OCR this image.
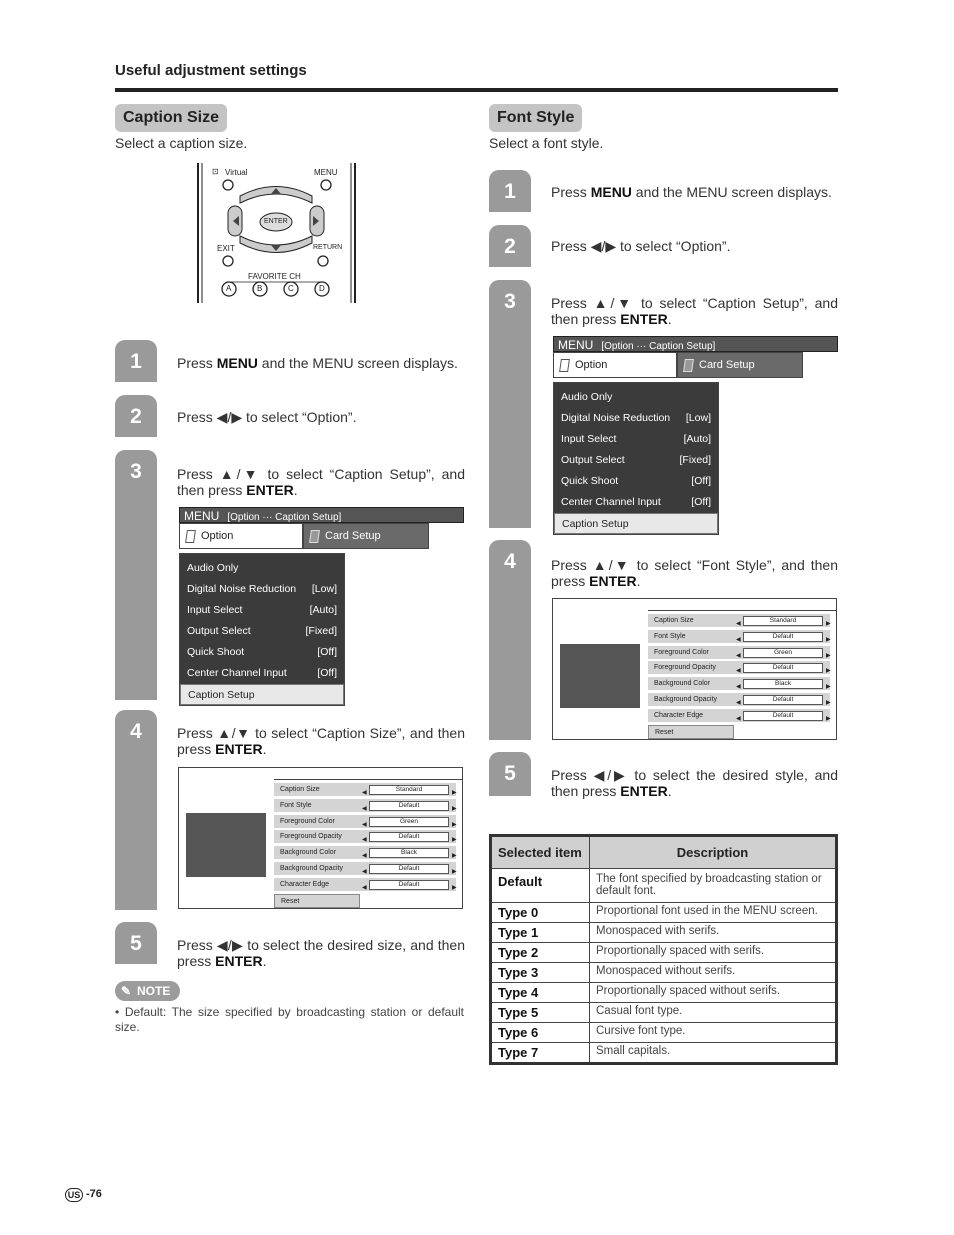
Useful adjustment settings
Caption Size
Select a caption size.
⊡ Virtual	MENU
ENTER
EXIT	RETURN
FAVORITE CH
A	B	C	D
1
2
3
4
5
Press MENU and the MENU screen displays.
Press ◀/▶ to select “Option”.
Press ▲/▼ to select “Caption Setup”, and then press ENTER.
Press ▲/▼ to select “Caption Size”, and then press ENTER.
Press ◀/▶ to select the desired size, and then press ENTER.
MENU [Option ··· Caption Setup]
Option	Card Setup
Audio Only
Digital Noise Reduction [Low]
Input Select	[Auto]
Output Select	[Fixed]
Quick Shoot	[Off]
Center Channel Input	[Off]
Caption Setup
Caption Size	◀	Standard	▶
Font Style	◀	Default	▶
Foreground Color	◀	Green	▶
Foreground Opacity	◀	Default	▶
Background Color	◀	Black	▶
Background Opacity	◀	Default	▶
Character Edge	◀	Default	▶
Reset
✎ NOTE
• Default: The size specified by broadcasting station or default size.
Font Style
Select a font style.
1
2
3
4
5
Press MENU and the MENU screen displays.
Press ◀/▶ to select “Option”.
Press ▲/▼ to select “Caption Setup”, and then press ENTER.
Press ▲/▼ to select “Font Style”, and then press ENTER.
Press ◀/▶ to select the desired style, and then press ENTER.
MENU [Option ··· Caption Setup]
Option	Card Setup
Audio Only
Digital Noise Reduction [Low]
Input Select	[Auto]
Output Select	[Fixed]
Quick Shoot	[Off]
Center Channel Input	[Off]
Caption Setup
Caption Size	◀	Standard	▶
Font Style	◀	Default	▶
Foreground Color	◀	Green	▶
Foreground Opacity	◀	Default	▶
Background Color	◀	Black	▶
Background Opacity	◀	Default	▶
Character Edge	◀	Default	▶
Reset
Selected item	Description
Default	The font specified by broadcasting station or default font.
Type 0	Proportional font used in the MENU screen.
Type 1	Monospaced with serifs.
Type 2	Proportionally spaced with serifs.
Type 3	Monospaced without serifs.
Type 4	Proportionally spaced without serifs.
Type 5	Casual font type.
Type 6	Cursive font type.
Type 7	Small capitals.
US -76
